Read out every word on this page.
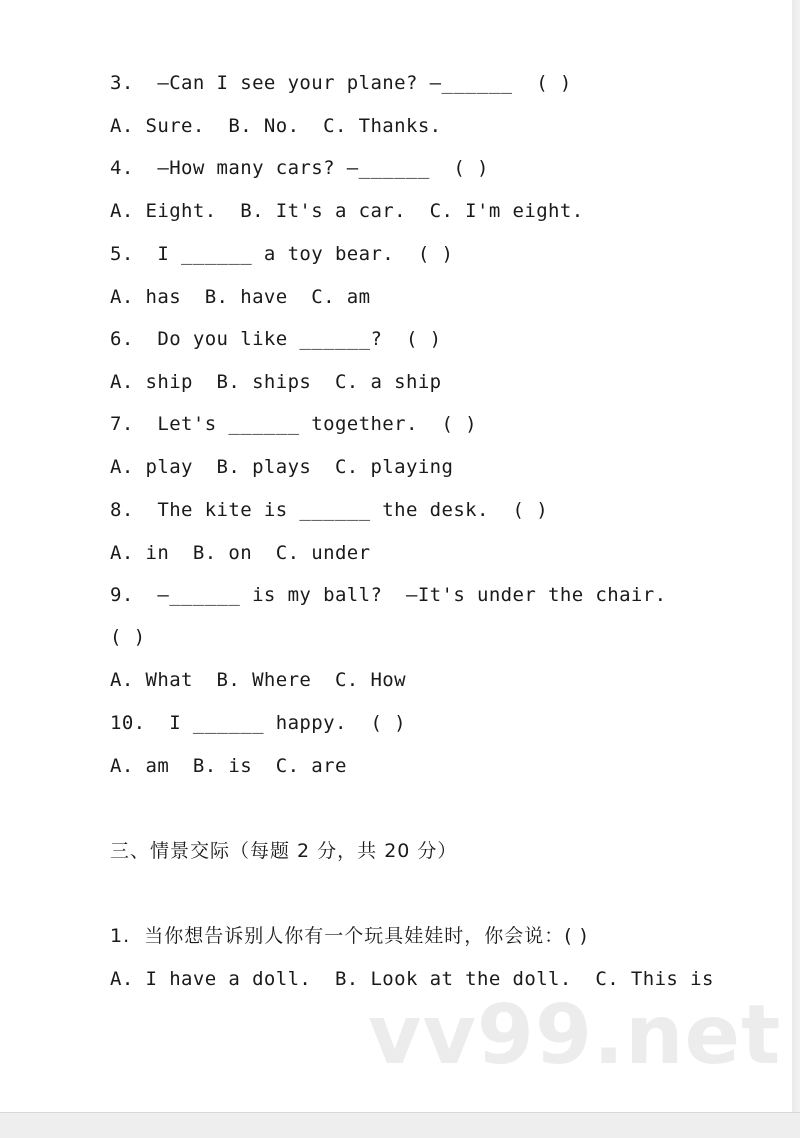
3.  —Can I see your plane? —______  ( )
A. Sure.  B. No.  C. Thanks.
4.  —How many cars? —______  ( )
A. Eight.  B. It's a car.  C. I'm eight.
5.  I ______ a toy bear.  ( )
A. has  B. have  C. am
6.  Do you like ______?  ( )
A. ship  B. ships  C. a ship
7.  Let's ______ together.  ( )
A. play  B. plays  C. playing
8.  The kite is ______ the desk.  ( )
A. in  B. on  C. under
9.  —______ is my ball?  —It's under the chair.
( )
A. What  B. Where  C. How
10.  I ______ happy.  ( )
A. am  B. is  C. are
三、情景交际（每题 2 分，共 20 分）
1.  当你想告诉别人你有一个玩具娃娃时，你会说：( )
A. I have a doll.  B. Look at the doll.  C. This is
vv99.net
